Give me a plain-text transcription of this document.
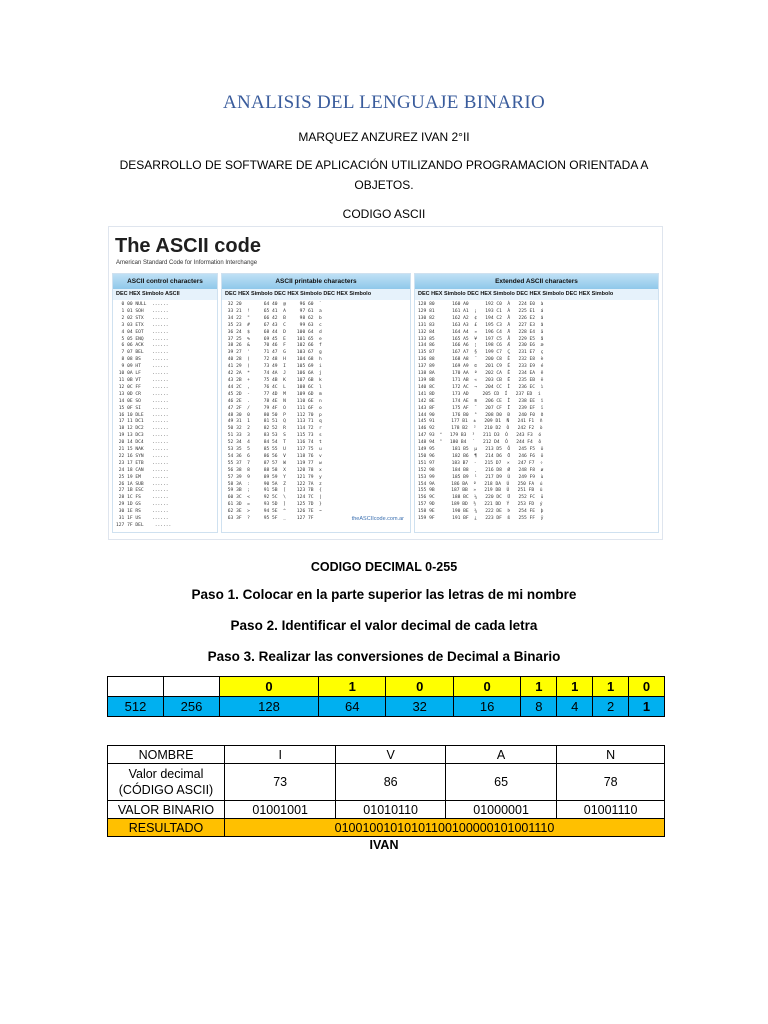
ANALISIS DEL LENGUAJE BINARIO
MARQUEZ ANZUREZ IVAN 2°II
DESARROLLO DE SOFTWARE DE APLICACIÓN UTILIZANDO PROGRAMACION ORIENTADA A
OBJETOS.
CODIGO ASCII
The ASCII code
American Standard Code for Information Interchange
ASCII control characters
DEC HEX Simbolo ASCII
0 00 NULL  ......
1 01 SOH   ......
2 02 STX   ......
3 03 ETX   ......
4 04 EOT   ......
5 05 ENQ   ......
6 06 ACK   ......
7 07 BEL   ......
8 08 BS    ......
9 09 HT    ......
10 0A LF    ......
11 0B VT    ......
12 0C FF    ......
13 0D CR    ......
14 0E SO    ......
15 0F SI    ......
16 10 DLE   ......
17 11 DC1   ......
18 12 DC2   ......
19 13 DC3   ......
20 14 DC4   ......
21 15 NAK   ......
22 16 SYN   ......
23 17 ETB   ......
24 18 CAN   ......
25 19 EM    ......
26 1A SUB   ......
27 1B ESC   ......
28 1C FS    ......
29 1D GS    ......
30 1E RS    ......
31 1F US    ......
127 7F DEL    ......
ASCII printable characters
DEC HEX Simbolo DEC HEX Simbolo DEC HEX Simbolo
32 20        64 40  @     96 60  `
33 21  !     65 41  A     97 61  a
34 22  "     66 42  B     98 62  b
35 23  #     67 43  C     99 63  c
36 24  $     68 44  D    100 64  d
37 25  %     69 45  E    101 65  e
38 26  &     70 46  F    102 66  f
39 27  '     71 47  G    103 67  g
40 28  (     72 48  H    104 68  h
41 29  )     73 49  I    105 69  i
42 2A  *     74 4A  J    106 6A  j
43 2B  +     75 4B  K    107 6B  k
44 2C  ,     76 4C  L    108 6C  l
45 2D  -     77 4D  M    109 6D  m
46 2E  .     78 4E  N    110 6E  n
47 2F  /     79 4F  O    111 6F  o
48 30  0     80 50  P    112 70  p
49 31  1     81 51  Q    113 71  q
50 32  2     82 52  R    114 72  r
51 33  3     83 53  S    115 73  s
52 34  4     84 54  T    116 74  t
53 35  5     85 55  U    117 75  u
54 36  6     86 56  V    118 76  v
55 37  7     87 57  W    119 77  w
56 38  8     88 58  X    120 78  x
57 39  9     89 59  Y    121 79  y
58 3A  :     90 5A  Z    122 7A  z
59 3B  ;     91 5B  [    123 7B  {
60 3C  <     92 5C  \    124 7C  |
61 3D  =     93 5D  ]    125 7D  }
62 3E  >     94 5E  ^    126 7E  ~
63 3F  ?     95 5F  _    127 7F	theASCIIcode.com.ar
Extended ASCII characters
DEC HEX Simbolo DEC HEX Simbolo DEC HEX Simbolo DEC HEX Simbolo
128 80     160 A0      192 C0  À   224 E0  à
129 81     161 A1  ¡   193 C1  Á   225 E1  á
130 82     162 A2  ¢   194 C2  Â   226 E2  â
131 83     163 A3  £   195 C3  Ã   227 E3  ã
132 84     164 A4  ¤   196 C4  Ä   228 E4  ä
133 85     165 A5  ¥   197 C5  Å   229 E5  å
134 86     166 A6  ¦   198 C6  Æ   230 E6  æ
135 87     167 A7  §   199 C7  Ç   231 E7  ç
136 88     168 A8  ¨   200 C8  È   232 E8  è
137 89     169 A9  ©   201 C9  É   233 E9  é
138 8A     170 AA  ª   202 CA  Ê   234 EA  ê
139 8B     171 AB  «   203 CB  Ë   235 EB  ë
140 8C     172 AC  ¬   204 CC  Ì   236 EC  ì
141 8D     173 AD     205 CD  Í   237 ED  í
142 8E     174 AE  ®   206 CE  Î   238 EE  î
143 8F     175 AF  ¯   207 CF  Ï   239 EF  ï
144 90     176 B0  °   208 D0  Ð   240 F0  ð
145 91     177 B1  ±   209 D1  Ñ   241 F1  ñ
146 92     178 B2  ²   210 D2  Ò   242 F2  ò
147 93     179 B3  ³   211 D3  Ó   243 F3  ó
148 94     180 B4  ´   212 D4  Ô   244 F4  ô
149 95     181 B5  µ   213 D5  Õ   245 F5  õ
150 96     182 B6  ¶   214 D6  Ö   246 F6  ö
151 97     183 B7  ·   215 D7  ×   247 F7  ÷
152 98     184 B8  ¸   216 D8  Ø   248 F8  ø
153 99     185 B9  ¹   217 D9  Ù   249 F9  ù
154 9A     186 BA  º   218 DA  Ú   250 FA  ú
155 9B     187 BB  »   219 DB  Û   251 FB  û
156 9C     188 BC  ¼   220 DC  Ü   252 FC  ü
157 9D     189 BD  ½   221 DD  Ý   253 FD  ý
158 9E     190 BE  ¾   222 DE  Þ   254 FE  þ
159 9F     191 BF  ¿   223 DF  ß   255 FF  ÿ

CODIGO DECIMAL 0-255
Paso 1. Colocar en la parte superior las letras de mi nombre
Paso 2. Identificar el valor decimal de cada letra
Paso 3. Realizar las conversiones de Decimal a Binario
		0	1	0	0	1	1	1	0
512	256	128	64	32	16	8	4	2	1
NOMBRE	I	V	A	N

Valor decimal
(CÓDIGO ASCII)	73	86	65	78
VALOR BINARIO	01001001	01010110	01000001	01001110
RESULTADO	01001001010101100100000101001110			
IVAN
